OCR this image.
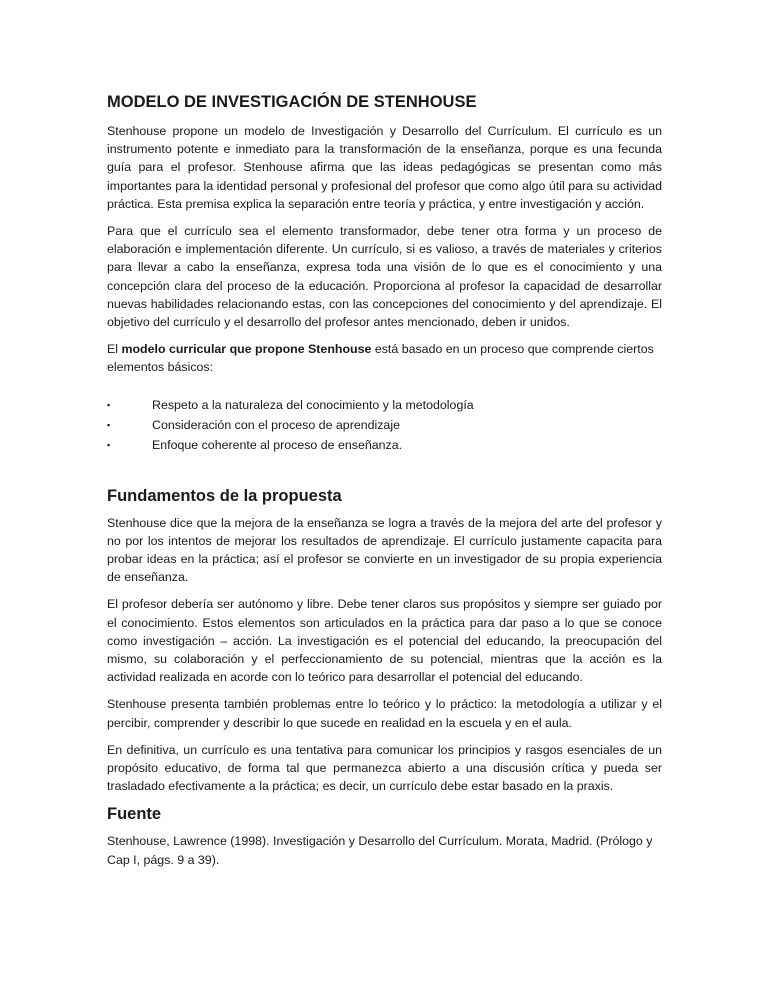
MODELO DE INVESTIGACIÓN DE STENHOUSE

Stenhouse propone un modelo de Investigación y Desarrollo del Currículum. El currículo es un instrumento potente e inmediato para la transformación de la enseñanza, porque es una fecunda guía para el profesor. Stenhouse afirma que las ideas pedagógicas se presentan como más importantes para la identidad personal y profesional del profesor que como algo útil para su actividad práctica. Esta premisa explica la separación entre teoría y práctica, y entre investigación y acción.

Para que el currículo sea el elemento transformador, debe tener otra forma y un proceso de elaboración e implementación diferente. Un currículo, si es valioso, a través de materiales y criterios para llevar a cabo la enseñanza, expresa toda una visión de lo que es el conocimiento y una concepción clara del proceso de la educación. Proporciona al profesor la capacidad de desarrollar nuevas habilidades relacionando estas, con las concepciones del conocimiento y del aprendizaje. El objetivo del currículo y el desarrollo del profesor antes mencionado, deben ir unidos.

El modelo curricular que propone Stenhouse está basado en un proceso que comprende ciertos elementos básicos:

▪	Respeto a la naturaleza del conocimiento y la metodología
▪	Consideración con el proceso de aprendizaje
▪	Enfoque coherente al proceso de enseñanza.
Fundamentos de la propuesta

Stenhouse dice que la mejora de la enseñanza se logra a través de la mejora del arte del profesor y no por los intentos de mejorar los resultados de aprendizaje. El currículo justamente capacita para probar ideas en la práctica; así el profesor se convierte en un investigador de su propia experiencia de enseñanza.

El profesor debería ser autónomo y libre. Debe tener claros sus propósitos y siempre ser guiado por el conocimiento. Estos elementos son articulados en la práctica para dar paso a lo que se conoce como investigación – acción. La investigación es el potencial del educando, la preocupación del mismo, su colaboración y el perfeccionamiento de su potencial, mientras que la acción es la actividad realizada en acorde con lo teórico para desarrollar el potencial del educando.

Stenhouse presenta también problemas entre lo teórico y lo práctico: la metodología a utilizar y el percibir, comprender y describir lo que sucede en realidad en la escuela y en el aula.

En definitiva, un currículo es una tentativa para comunicar los principios y rasgos esenciales de un propósito educativo, de forma tal que permanezca abierto a una discusión crítica y pueda ser trasladado efectivamente a la práctica; es decir, un currículo debe estar basado en la praxis.

Fuente

Stenhouse, Lawrence (1998). Investigación y Desarrollo del Currículum. Morata, Madrid. (Prólogo y Cap I, págs. 9 a 39).
